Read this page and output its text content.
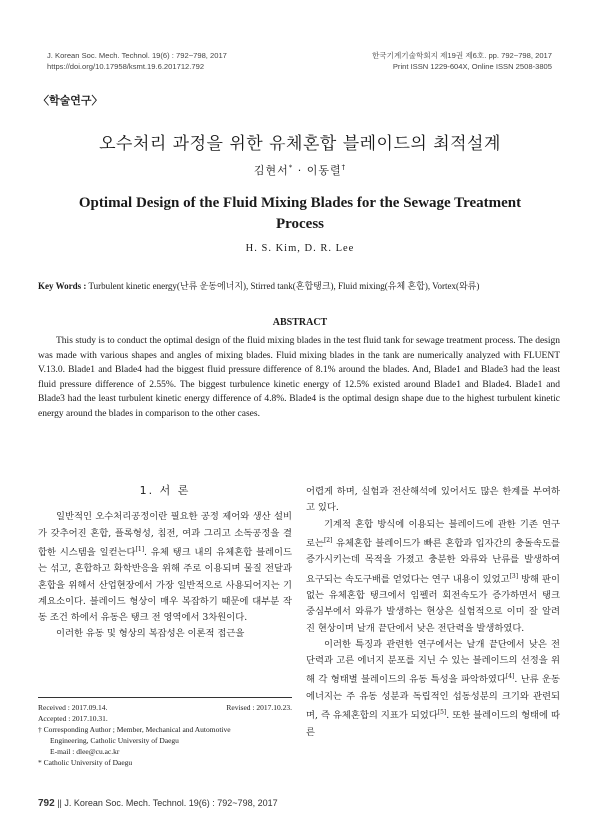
J. Korean Soc. Mech. Technol. 19(6) : 792~798, 2017
https://doi.org/10.17958/ksmt.19.6.201712.792
한국기계기술학회지 제19권 제6호. pp. 792~798, 2017
Print ISSN 1229-604X, Online ISSN 2508-3805
〈학술연구〉
오수처리 과정을 위한 유체혼합 블레이드의 최적설계
김현서* · 이동렬†
Optimal Design of the Fluid Mixing Blades for the Sewage Treatment Process
H. S. Kim, D. R. Lee
Key Words : Turbulent kinetic energy(난류 운동에너지), Stirred tank(혼합탱크), Fluid mixing(유체 혼합), Vortex(와류)
ABSTRACT
This study is to conduct the optimal design of the fluid mixing blades in the test fluid tank for sewage treatment process. The design was made with various shapes and angles of mixing blades. Fluid mixing blades in the tank are numerically analyzed with FLUENT V.13.0. Blade1 and Blade4 had the biggest fluid pressure difference of 8.1% around the blades. And, Blade1 and Blade3 had the least fluid pressure difference of 2.55%. The biggest turbulence kinetic energy of 12.5% existed around Blade1 and Blade4. Blade1 and Blade3 had the least turbulent kinetic energy difference of 4.8%. Blade4 is the optimal design shape due to the highest turbulent kinetic energy around the blades in comparison to the other cases.
1. 서 론

일반적인 오수처리공정이란 필요한 공정 제어와 생산 설비가 갖추어진 혼합, 플록형성, 침전, 여과 그리고 소독공정을 결합한 시스템을 일컫는다[1]. 유체 탱크 내의 유체혼합 블레이드는 섞고, 혼합하고 화학반응을 위해 주로 이용되며 물질 전달과 혼합을 위해서 산업현장에서 가장 일반적으로 사용되어지는 기계요소이다. 블레이드 형상이 매우 복잡하기 때문에 대부분 작동 조건 하에서 유동은 탱크 전 영역에서 3차원이다.

이러한 유동 및 형상의 복잡성은 이론적 접근을

Received : 2017.09.14.	Revised : 2017.10.23.
Accepted : 2017.10.31.
† Corresponding Author ; Member, Mechanical and Automotive
Engineering, Catholic University of Daegu
E-mail : dlee@cu.ac.kr
* Catholic University of Daegu

어렵게 하며, 실험과 전산해석에 있어서도 많은 한계를 부여하고 있다.

기계적 혼합 방식에 이용되는 블레이드에 관한 기존 연구로는[2] 유체혼합 블레이드가 빠른 혼합과 입자간의 충돌속도를 증가시키는데 목적을 가졌고 충분한 와류와 난류를 발생하여 요구되는 속도구배를 얻었다는 연구 내용이 있었고[3] 방해 판이 없는 유체혼합 탱크에서 임펠러 회전속도가 증가하면서 탱크 중심부에서 와류가 발생하는 현상은 실험적으로 이미 잘 알려진 현상이며 날개 끝단에서 낮은 전단력을 발생하였다.

이러한 특징과 관련한 연구에서는 날개 끝단에서 낮은 전단력과 고른 에너지 분포를 지닌 수 있는 블레이드의 선정을 위해 각 형태별 블레이드의 유동 특성을 파악하였다[4]. 난류 운동 에너지는 주 유동 성분과 독립적인 섭동성분의 크기와 관련되며, 즉 유체혼합의 지표가 되었다[5]. 또한 블레이드의 형태에 따른

792 || J. Korean Soc. Mech. Technol. 19(6) : 792~798, 2017
